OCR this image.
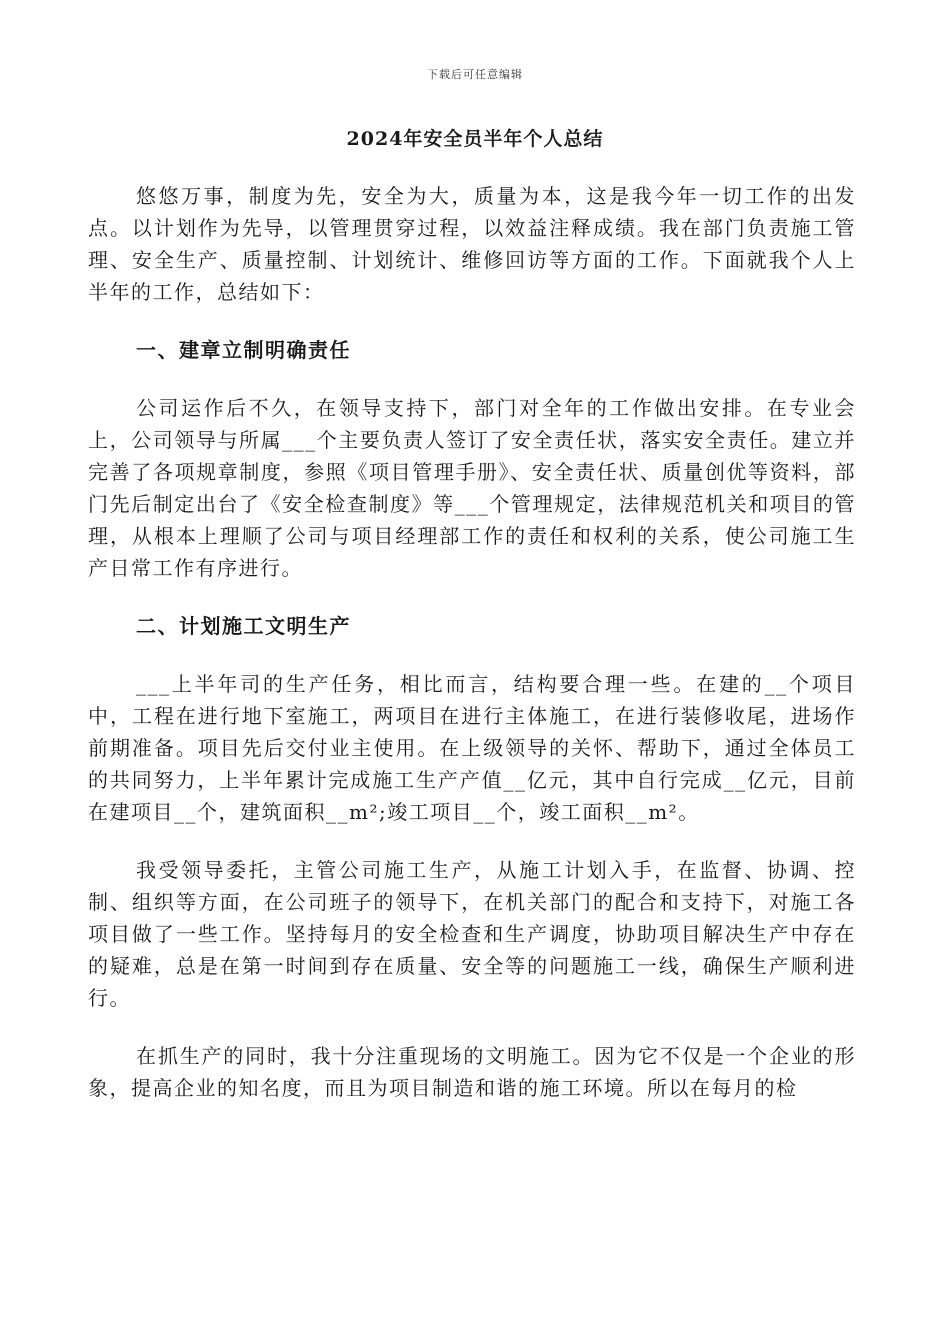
下载后可任意编辑
2024年安全员半年个人总结

悠悠万事，制度为先，安全为大，质量为本，这是我今年一切工作的出发点。以计划作为先导，以管理贯穿过程，以效益注释成绩。我在部门负责施工管理、安全生产、质量控制、计划统计、维修回访等方面的工作。下面就我个人上半年的工作，总结如下：

一、建章立制明确责任

公司运作后不久，在领导支持下，部门对全年的工作做出安排。在专业会上，公司领导与所属___个主要负责人签订了安全责任状，落实安全责任。建立并完善了各项规章制度，参照《项目管理手册》、安全责任状、质量创优等资料，部门先后制定出台了《安全检查制度》等___个管理规定，法律规范机关和项目的管理，从根本上理顺了公司与项目经理部工作的责任和权利的关系，使公司施工生产日常工作有序进行。

二、计划施工文明生产

___上半年司的生产任务，相比而言，结构要合理一些。在建的__个项目中，工程在进行地下室施工，两项目在进行主体施工，在进行装修收尾，进场作前期准备。项目先后交付业主使用。在上级领导的关怀、帮助下，通过全体员工的共同努力，上半年累计完成施工生产产值__亿元，其中自行完成__亿元，目前在建项目__个，建筑面积__m²;竣工项目__个，竣工面积__m²。

我受领导委托，主管公司施工生产，从施工计划入手，在监督、协调、控制、组织等方面，在公司班子的领导下，在机关部门的配合和支持下，对施工各项目做了一些工作。坚持每月的安全检查和生产调度，协助项目解决生产中存在的疑难，总是在第一时间到存在质量、安全等的问题施工一线，确保生产顺利进行。

在抓生产的同时，我十分注重现场的文明施工。因为它不仅是一个企业的形象，提高企业的知名度，而且为项目制造和谐的施工环境。所以在每月的检
